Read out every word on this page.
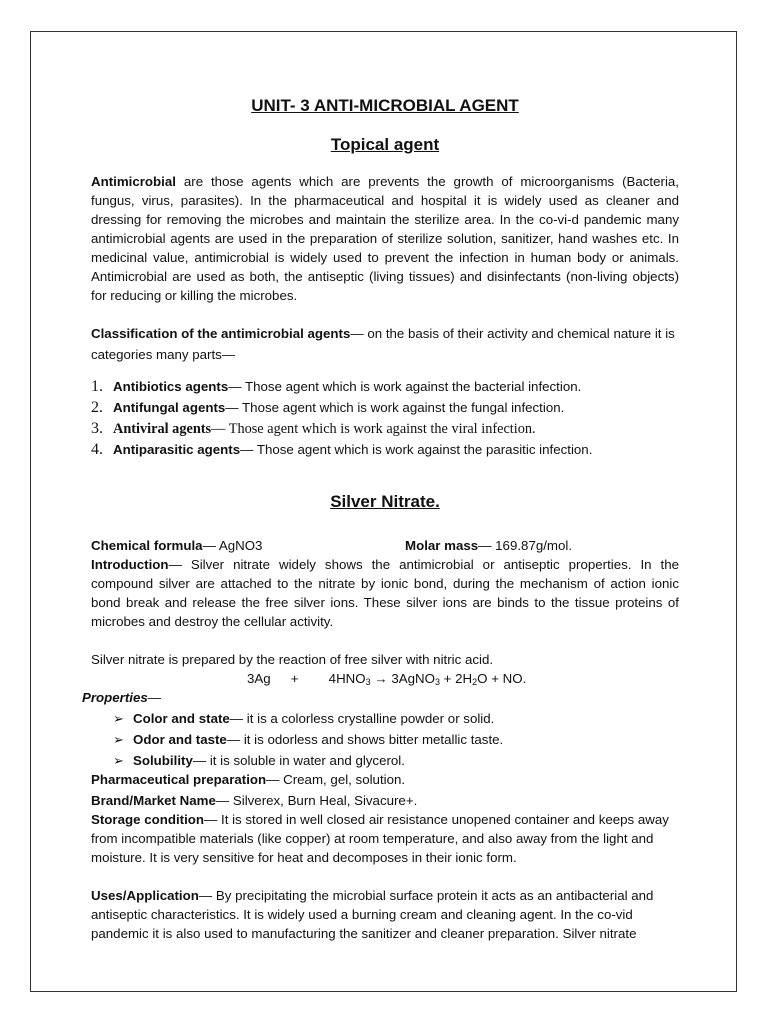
UNIT- 3 ANTI-MICROBIAL AGENT
Topical agent
Antimicrobial are those agents which are prevents the growth of microorganisms (Bacteria, fungus, virus, parasites). In the pharmaceutical and hospital it is widely used as cleaner and dressing for removing the microbes and maintain the sterilize area. In the co-vi-d pandemic many antimicrobial agents are used in the preparation of sterilize solution, sanitizer, hand washes etc. In medicinal value, antimicrobial is widely used to prevent the infection in human body or animals. Antimicrobial are used as both, the antiseptic (living tissues) and disinfectants (non-living objects) for reducing or killing the microbes.
Classification of the antimicrobial agents— on the basis of their activity and chemical nature it is
categories many parts—
1. Antibiotics agents— Those agent which is work against the bacterial infection.
2. Antifungal agents— Those agent which is work against the fungal infection.
3. Antiviral agents— Those agent which is work against the viral infection.
4. Antiparasitic agents— Those agent which is work against the parasitic infection.
Silver Nitrate.
Chemical formula— AgNO3	Molar mass— 169.87g/mol.
Introduction— Silver nitrate widely shows the antimicrobial or antiseptic properties. In the compound silver are attached to the nitrate by ionic bond, during the mechanism of action ionic bond break and release the free silver ions. These silver ions are binds to the tissue proteins of microbes and destroy the cellular activity.
Silver nitrate is prepared by the reaction of free silver with nitric acid.
$3Ag + 4HNO_3$ → 3AgNO$_3$ + $2H_2O$ + NO.
Properties—
➢ Color and state— it is a colorless crystalline powder or solid.
➢ Odor and taste— it is odorless and shows bitter metallic taste.
➢ Solubility— it is soluble in water and glycerol.
Pharmaceutical preparation— Cream, gel, solution.
Brand/Market Name— Silverex, Burn Heal, Sivacure+.
Storage condition— It is stored in well closed air resistance unopened container and keeps away from incompatible materials (like copper) at room temperature, and also away from the light and moisture. It is very sensitive for heat and decomposes in their ionic form.
Uses/Application— By precipitating the microbial surface protein it acts as an antibacterial and antiseptic characteristics. It is widely used a burning cream and cleaning agent. In the co-vid pandemic it is also used to manufacturing the sanitizer and cleaner preparation. Silver nitrate
